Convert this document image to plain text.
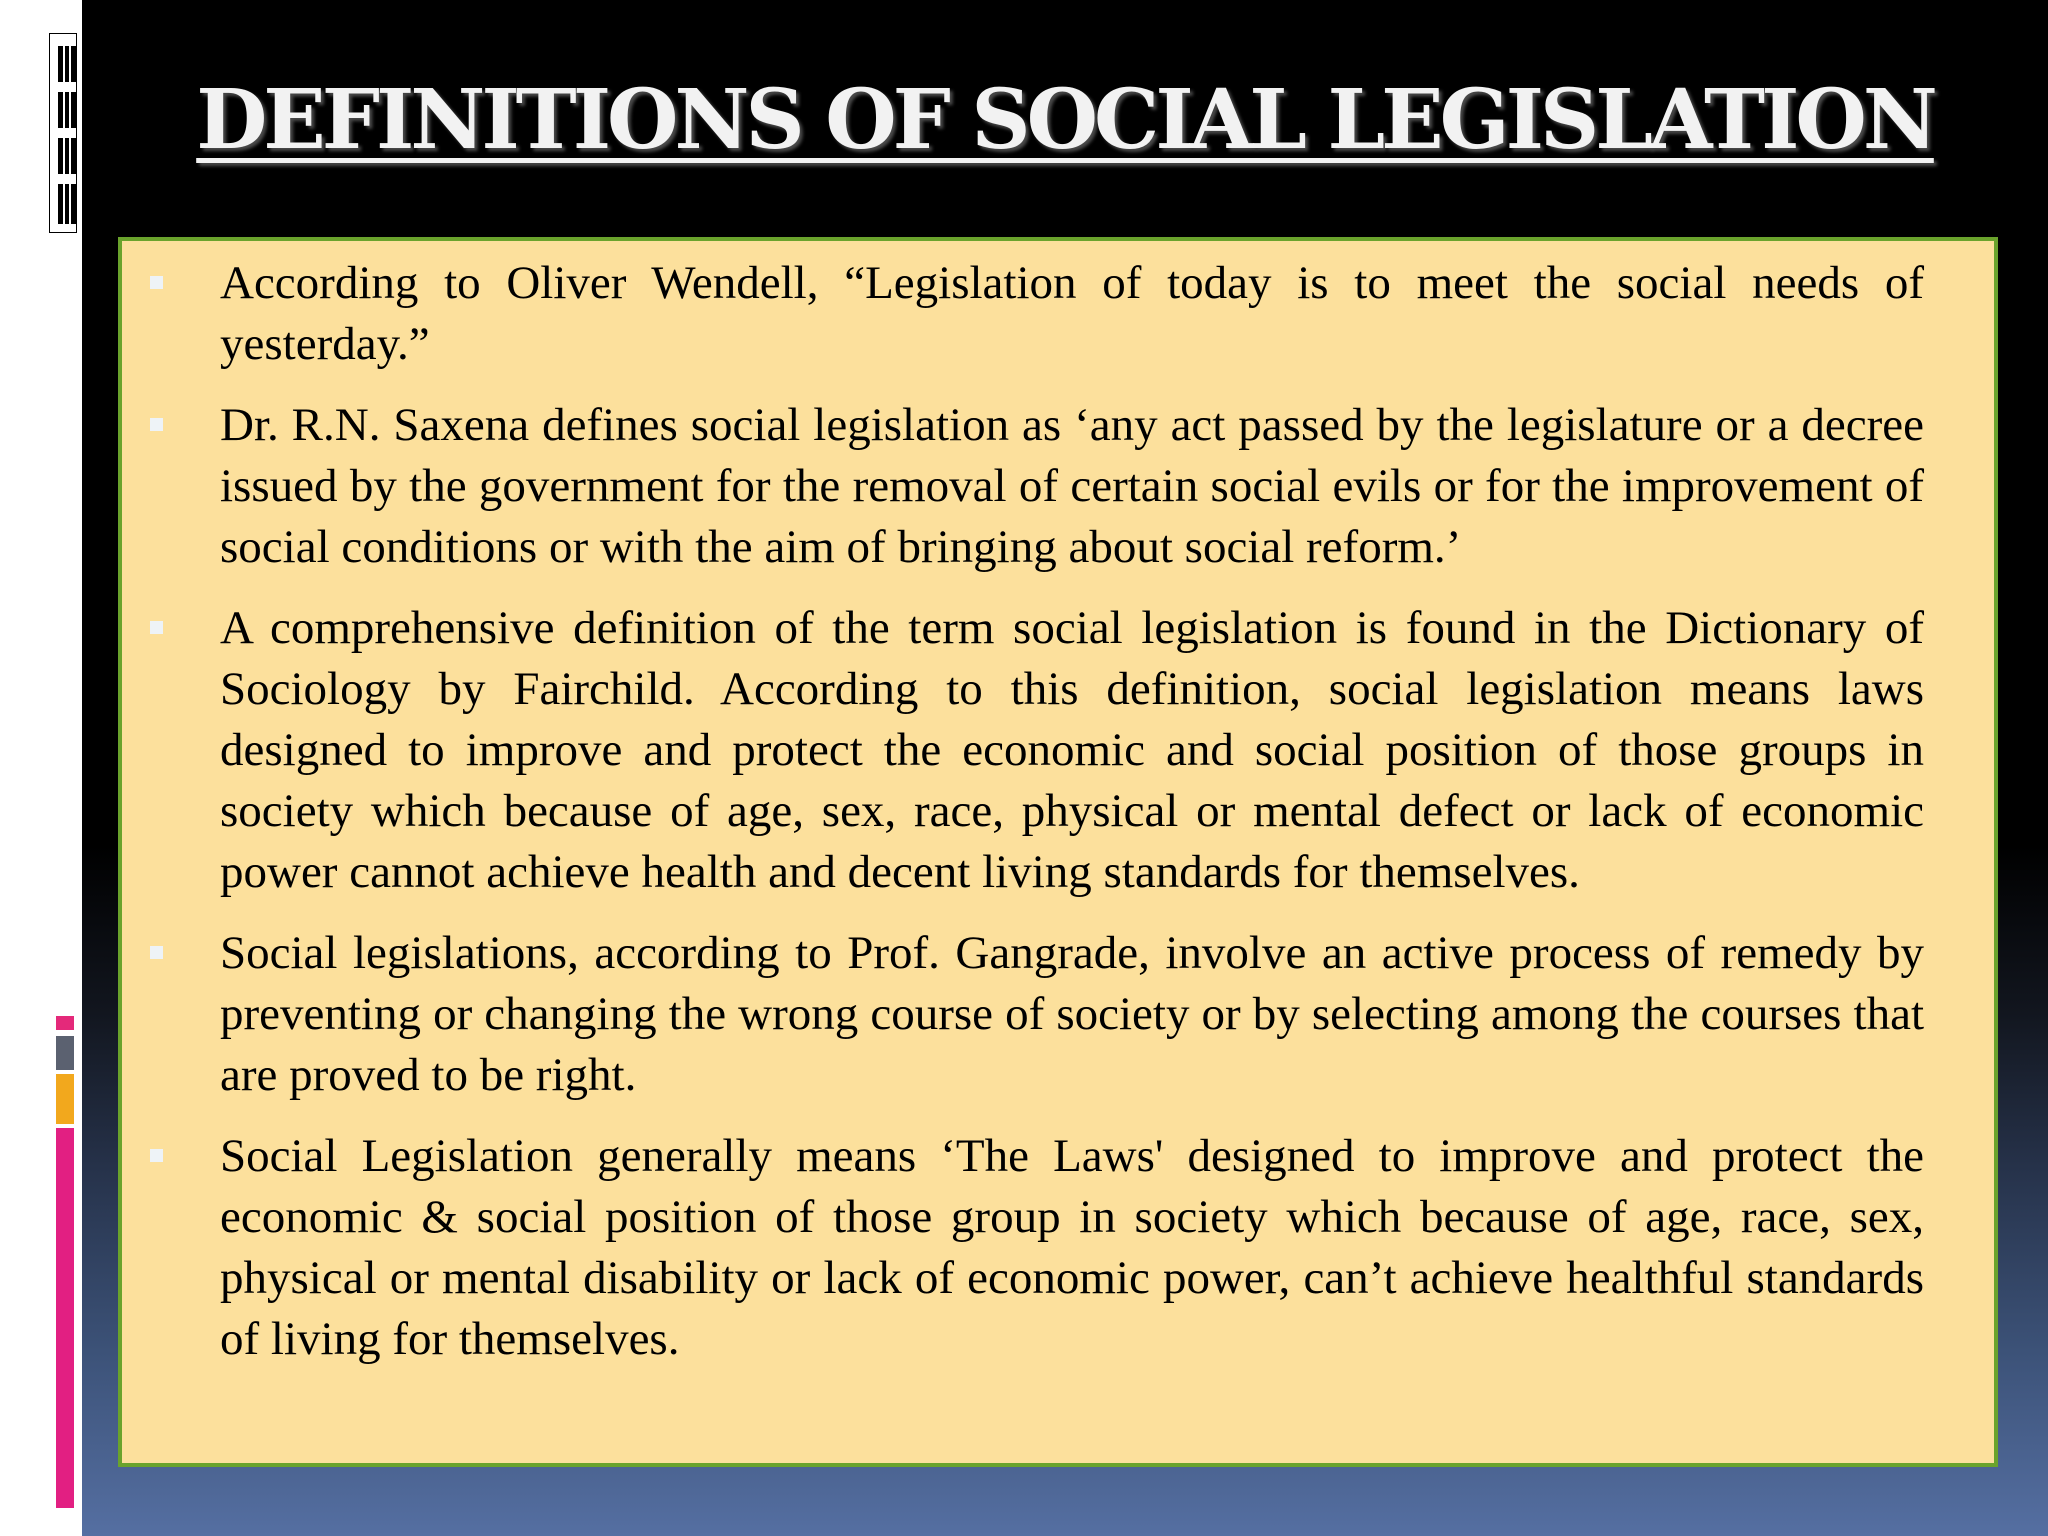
DEFINITIONS OF SOCIAL LEGISLATION
According to Oliver Wendell, “Legislation of today is to meet the social needs of yesterday.”
Dr. R.N. Saxena defines social legislation as ‘any act passed by the legislature or a decree issued by the government for the removal of certain social evils or for the improvement of social conditions or with the aim of bringing about social reform.’
A comprehensive definition of the term social legislation is found in the Dictionary of Sociology by Fairchild. According to this definition, social legislation means laws designed to improve and protect the economic and social position of those groups in society which because of age, sex, race, physical or mental defect or lack of economic power cannot achieve health and decent living standards for themselves.
Social legislations, according to Prof. Gangrade, involve an active process of remedy by preventing or changing the wrong course of society or by selecting among the courses that are proved to be right.
Social Legislation generally means ‘The Laws' designed to improve and protect the economic & social position of those group in society which because of age, race, sex, physical or mental disability or lack of economic power, can’t achieve healthful standards of living for themselves.
